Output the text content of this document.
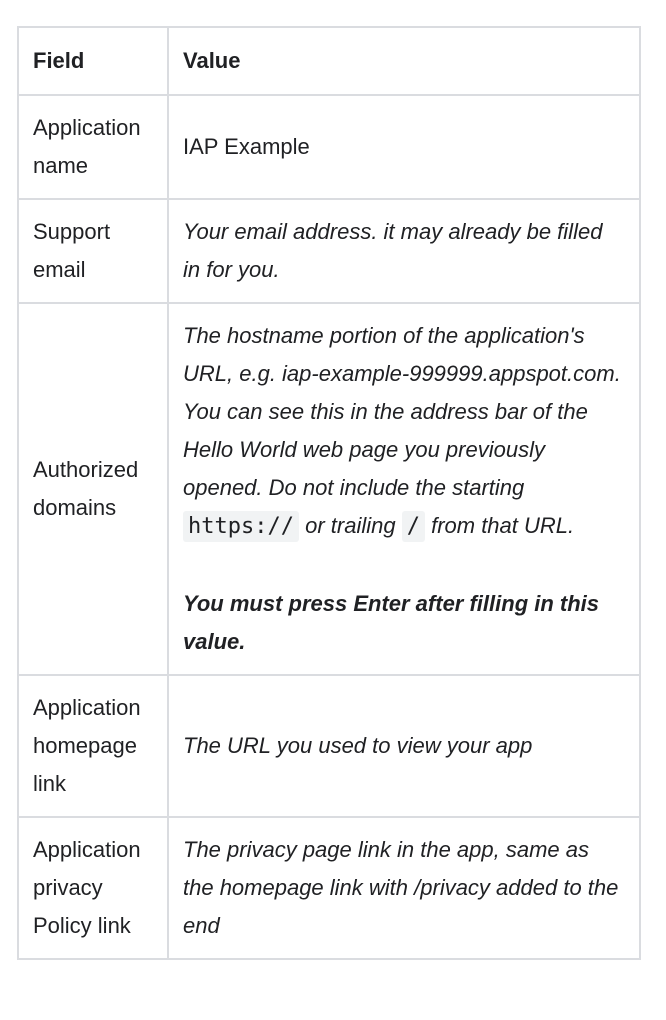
Field	Value
Application name	IAP Example
Support email	Your email address. it may already be filled in for you.
Authorized domains	The hostname portion of the application's URL, e.g. iap-example-999999.appspot.com. You can see this in the address bar of the Hello World web page you previously opened. Do not include the starting https:// or trailing / from that URL.
You must press Enter after filling in this value.

Application homepage link	The URL you used to view your app
Application privacy Policy link	The privacy page link in the app, same as the homepage link with /privacy added to the end
